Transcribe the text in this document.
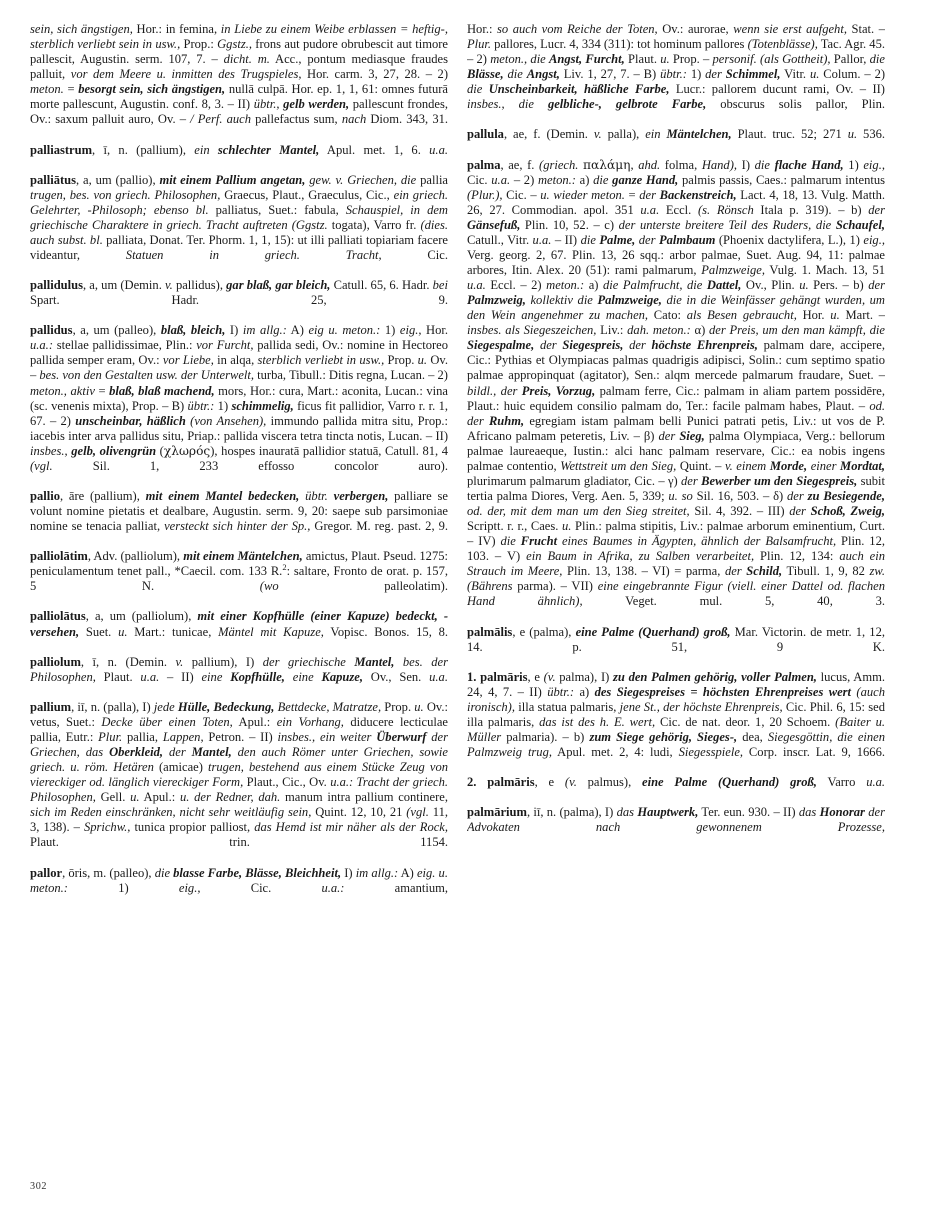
sein, sich ängstigen, Hor.: in femina, in Liebe zu einem Weibe erblassen = heftig-, sterblich verliebt sein in usw., Prop.: Ggstz., frons aut pudore obrubescit aut timore pallescit, Augustin. serm. 107, 7. – dicht. m. Acc., pontum mediasque fraudes palluit, vor dem Meere u. inmitten des Trugspieles, Hor. carm. 3, 27, 28. – 2) meton. = besorgt sein, sich ängstigen, nullā culpā. Hor. ep. 1, 1, 61: omnes futurā morte pallescunt, Augustin. conf. 8, 3. – II) übtr., gelb werden, pallescunt frondes, Ov.: saxum palluit auro, Ov. – / Perf. auch pallefactus sum, nach Diom. 343, 31.

palliastrum, ī, n. (pallium), ein schlechter Mantel, Apul. met. 1, 6. u.a.

palliātus, a, um (pallio), mit einem Pallium angetan, gew. v. Griechen, die pallia trugen, bes. von griech. Philosophen, Graecus, Plaut., Graeculus, Cic., ein griech. Gelehrter, -Philosoph; ebenso bl. palliatus, Suet.: fabula, Schauspiel, in dem griechische Charaktere in griech. Tracht auftreten (Ggstz. togata), Varro fr. (dies. auch subst. bl. palliata, Donat. Ter. Phorm. 1, 1, 15): ut illi palliati topiariam facere videantur, Statuen in griech. Tracht, Cic.

pallidulus, a, um (Demin. v. pallidus), gar blaß, gar bleich, Catull. 65, 6. Hadr. bei Spart. Hadr. 25, 9.

pallidus, a, um (palleo), blaß, bleich, I) im allg.: A) eig u. meton.: 1) eig., Hor. u.a.: stellae pallidissimae, Plin.: vor Furcht, pallida sedi, Ov.: nomine in Hectoreo pallida semper eram, Ov.: vor Liebe, in alqa, sterblich verliebt in usw., Prop. u. Ov. – bes. von den Gestalten usw. der Unterwelt, turba, Tibull.: Ditis regna, Lucan. – 2) meton., aktiv = blaß, blaß machend, mors, Hor.: cura, Mart.: aconita, Lucan.: vina (sc. venenis mixta), Prop. – B) übtr.: 1) schimmelig, ficus fit pallidior, Varro r. r. 1, 67. – 2) unscheinbar, häßlich (von Ansehen), immundo pallida mitra situ, Prop.: iacebis inter arva pallidus situ, Priap.: pallida viscera tetra tincta notis, Lucan. – II) insbes., gelb, olivengrün (χλωρός), hospes inauratā pallidior statuā, Catull. 81, 4 (vgl. Sil. 1, 233 effosso concolor auro).

pallio, āre (pallium), mit einem Mantel bedecken, übtr. verbergen, palliare se volunt nomine pietatis et dealbare, Augustin. serm. 9, 20: saepe sub parsimoniae nomine se tenacia palliat, versteckt sich hinter der Sp., Gregor. M. reg. past. 2, 9.

palliolātim, Adv. (palliolum), mit einem Mäntelchen, amictus, Plaut. Pseud. 1275: peniculamentum tenet pall., *Caecil. com. 133 R.$^2$: saltare, Fronto de orat. p. 157, 5 N. (wo palleolatim).

palliolātus, a, um (palliolum), mit einer Kopfhülle (einer Kapuze) bedeckt, -versehen, Suet. u. Mart.: tunicae, Mäntel mit Kapuze, Vopisc. Bonos. 15, 8.

palliolum, ī, n. (Demin. v. pallium), I) der griechische Mantel, bes. der Philosophen, Plaut. u.a. – II) eine Kopfhülle, eine Kapuze, Ov., Sen. u.a.

pallium, iī, n. (palla), I) jede Hülle, Bedeckung, Bettdecke, Matratze, Prop. u. Ov.: vetus, Suet.: Decke über einen Toten, Apul.: ein Vorhang, diducere lecticulae pallia, Eutr.: Plur. pallia, Lappen, Petron. – II) insbes., ein weiter Überwurf der Griechen, das Oberkleid, der Mantel, den auch Römer unter Griechen, sowie griech. u. röm. Hetären (amicae) trugen, bestehend aus einem Stücke Zeug von viereckiger od. länglich viereckiger Form, Plaut., Cic., Ov. u.a.: Tracht der griech. Philosophen, Gell. u. Apul.: u. der Redner, dah. manum intra pallium continere, sich im Reden einschränken, nicht sehr weitläufig sein, Quint. 12, 10, 21 (vgl. 11, 3, 138). – Sprichw., tunica propior palliost, das Hemd ist mir näher als der Rock, Plaut. trin. 1154.

pallor, ōris, m. (palleo), die blasse Farbe, Blässe, Bleichheit, I) im allg.: A) eig. u. meton.: 1) eig., Cic. u.a.: amantium,

Hor.: so auch vom Reiche der Toten, Ov.: aurorae, wenn sie erst aufgeht, Stat. – Plur. pallores, Lucr. 4, 334 (311): tot hominum pallores (Totenblässe), Tac. Agr. 45. – 2) meton., die Angst, Furcht, Plaut. u. Prop. – personif. (als Gottheit), Pallor, die Blässe, die Angst, Liv. 1, 27, 7. – B) übtr.: 1) der Schimmel, Vitr. u. Colum. – 2) die Unscheinbarkeit, häßliche Farbe, Lucr.: pallorem ducunt rami, Ov. – II) insbes., die gelbliche-, gelbrote Farbe, obscurus solis pallor, Plin.

pallula, ae, f. (Demin. v. palla), ein Mäntelchen, Plaut. truc. 52; 271 u. 536.

palma, ae, f. (griech. παλάμη, ahd. folma, Hand), I) die flache Hand, 1) eig., Cic. u.a. – 2) meton.: a) die ganze Hand, palmis passis, Caes.: palmarum intentus (Plur.), Cic. – u. wieder meton. = der Backenstreich, Lact. 4, 18, 13. Vulg. Matth. 26, 27. Commodian. apol. 351 u.a. Eccl. (s. Rönsch Itala p. 319). – b) der Gänsefuß, Plin. 10, 52. – c) der unterste breitere Teil des Ruders, die Schaufel, Catull., Vitr. u.a. – II) die Palme, der Palmbaum (Phoenix dactylifera, L.), 1) eig., Verg. georg. 2, 67. Plin. 13, 26 sqq.: arbor palmae, Suet. Aug. 94, 11: palmae arbores, Itin. Alex. 20 (51): rami palmarum, Palmzweige, Vulg. 1. Mach. 13, 51 u.a. Eccl. – 2) meton.: a) die Palmfrucht, die Dattel, Ov., Plin. u. Pers. – b) der Palmzweig, kollektiv die Palmzweige, die in die Weinfässer gehängt wurden, um den Wein angenehmer zu machen, Cato: als Besen gebraucht, Hor. u. Mart. – insbes. als Siegeszeichen, Liv.: dah. meton.: α) der Preis, um den man kämpft, die Siegespalme, der Siegespreis, der höchste Ehrenpreis, palmam dare, accipere, Cic.: Pythias et Olympiacas palmas quadrigis adipisci, Solin.: cum septimo spatio palmae appropinquat (agitator), Sen.: alqm mercede palmarum fraudare, Suet. – bildl., der Preis, Vorzug, palmam ferre, Cic.: palmam in aliam partem possidēre, Plaut.: huic equidem consilio palmam do, Ter.: facile palmam habes, Plaut. – od. der Ruhm, egregiam istam palmam belli Punici patrati petis, Liv.: ut vos de P. Africano palmam peteretis, Liv. – β) der Sieg, palma Olympiaca, Verg.: bellorum palmae laureaeque, Iustin.: alci hanc palmam reservare, Cic.: ea nobis ingens palmae contentio, Wettstreit um den Sieg, Quint. – v. einem Morde, einer Mordtat, plurimarum palmarum gladiator, Cic. – γ) der Bewerber um den Siegespreis, subit tertia palma Diores, Verg. Aen. 5, 339; u. so Sil. 16, 503. – δ) der zu Besiegende, od. der, mit dem man um den Sieg streitet, Sil. 4, 392. – III) der Schoß, Zweig, Scriptt. r. r., Caes. u. Plin.: palma stipitis, Liv.: palmae arborum eminentium, Curt. – IV) die Frucht eines Baumes in Ägypten, ähnlich der Balsamfrucht, Plin. 12, 103. – V) ein Baum in Afrika, zu Salben verarbeitet, Plin. 12, 134: auch ein Strauch im Meere, Plin. 13, 138. – VI) = parma, der Schild, Tibull. 1, 9, 82 zw. (Bährens parma). – VII) eine eingebrannte Figur (viell. einer Dattel od. flachen Hand ähnlich), Veget. mul. 5, 40, 3.

palmālis, e (palma), eine Palme (Querhand) groß, Mar. Victorin. de metr. 1, 12, 14. p. 51, 9 K.

1. palmāris, e (v. palma), I) zu den Palmen gehörig, voller Palmen, lucus, Amm. 24, 4, 7. – II) übtr.: a) des Siegespreises = höchsten Ehrenpreises wert (auch ironisch), illa statua palmaris, jene St., der höchste Ehrenpreis, Cic. Phil. 6, 15: sed illa palmaris, das ist des h. E. wert, Cic. de nat. deor. 1, 20 Schoem. (Baiter u. Müller palmaria). – b) zum Siege gehörig, Sieges-, dea, Siegesgöttin, die einen Palmzweig trug, Apul. met. 2, 4: ludi, Siegesspiele, Corp. inscr. Lat. 9, 1666.

2. palmāris, e (v. palmus), eine Palme (Querhand) groß, Varro u.a.

palmārium, iī, n. (palma), I) das Hauptwerk, Ter. eun. 930. – II) das Honorar der Advokaten nach gewonnenem Prozesse,

302
